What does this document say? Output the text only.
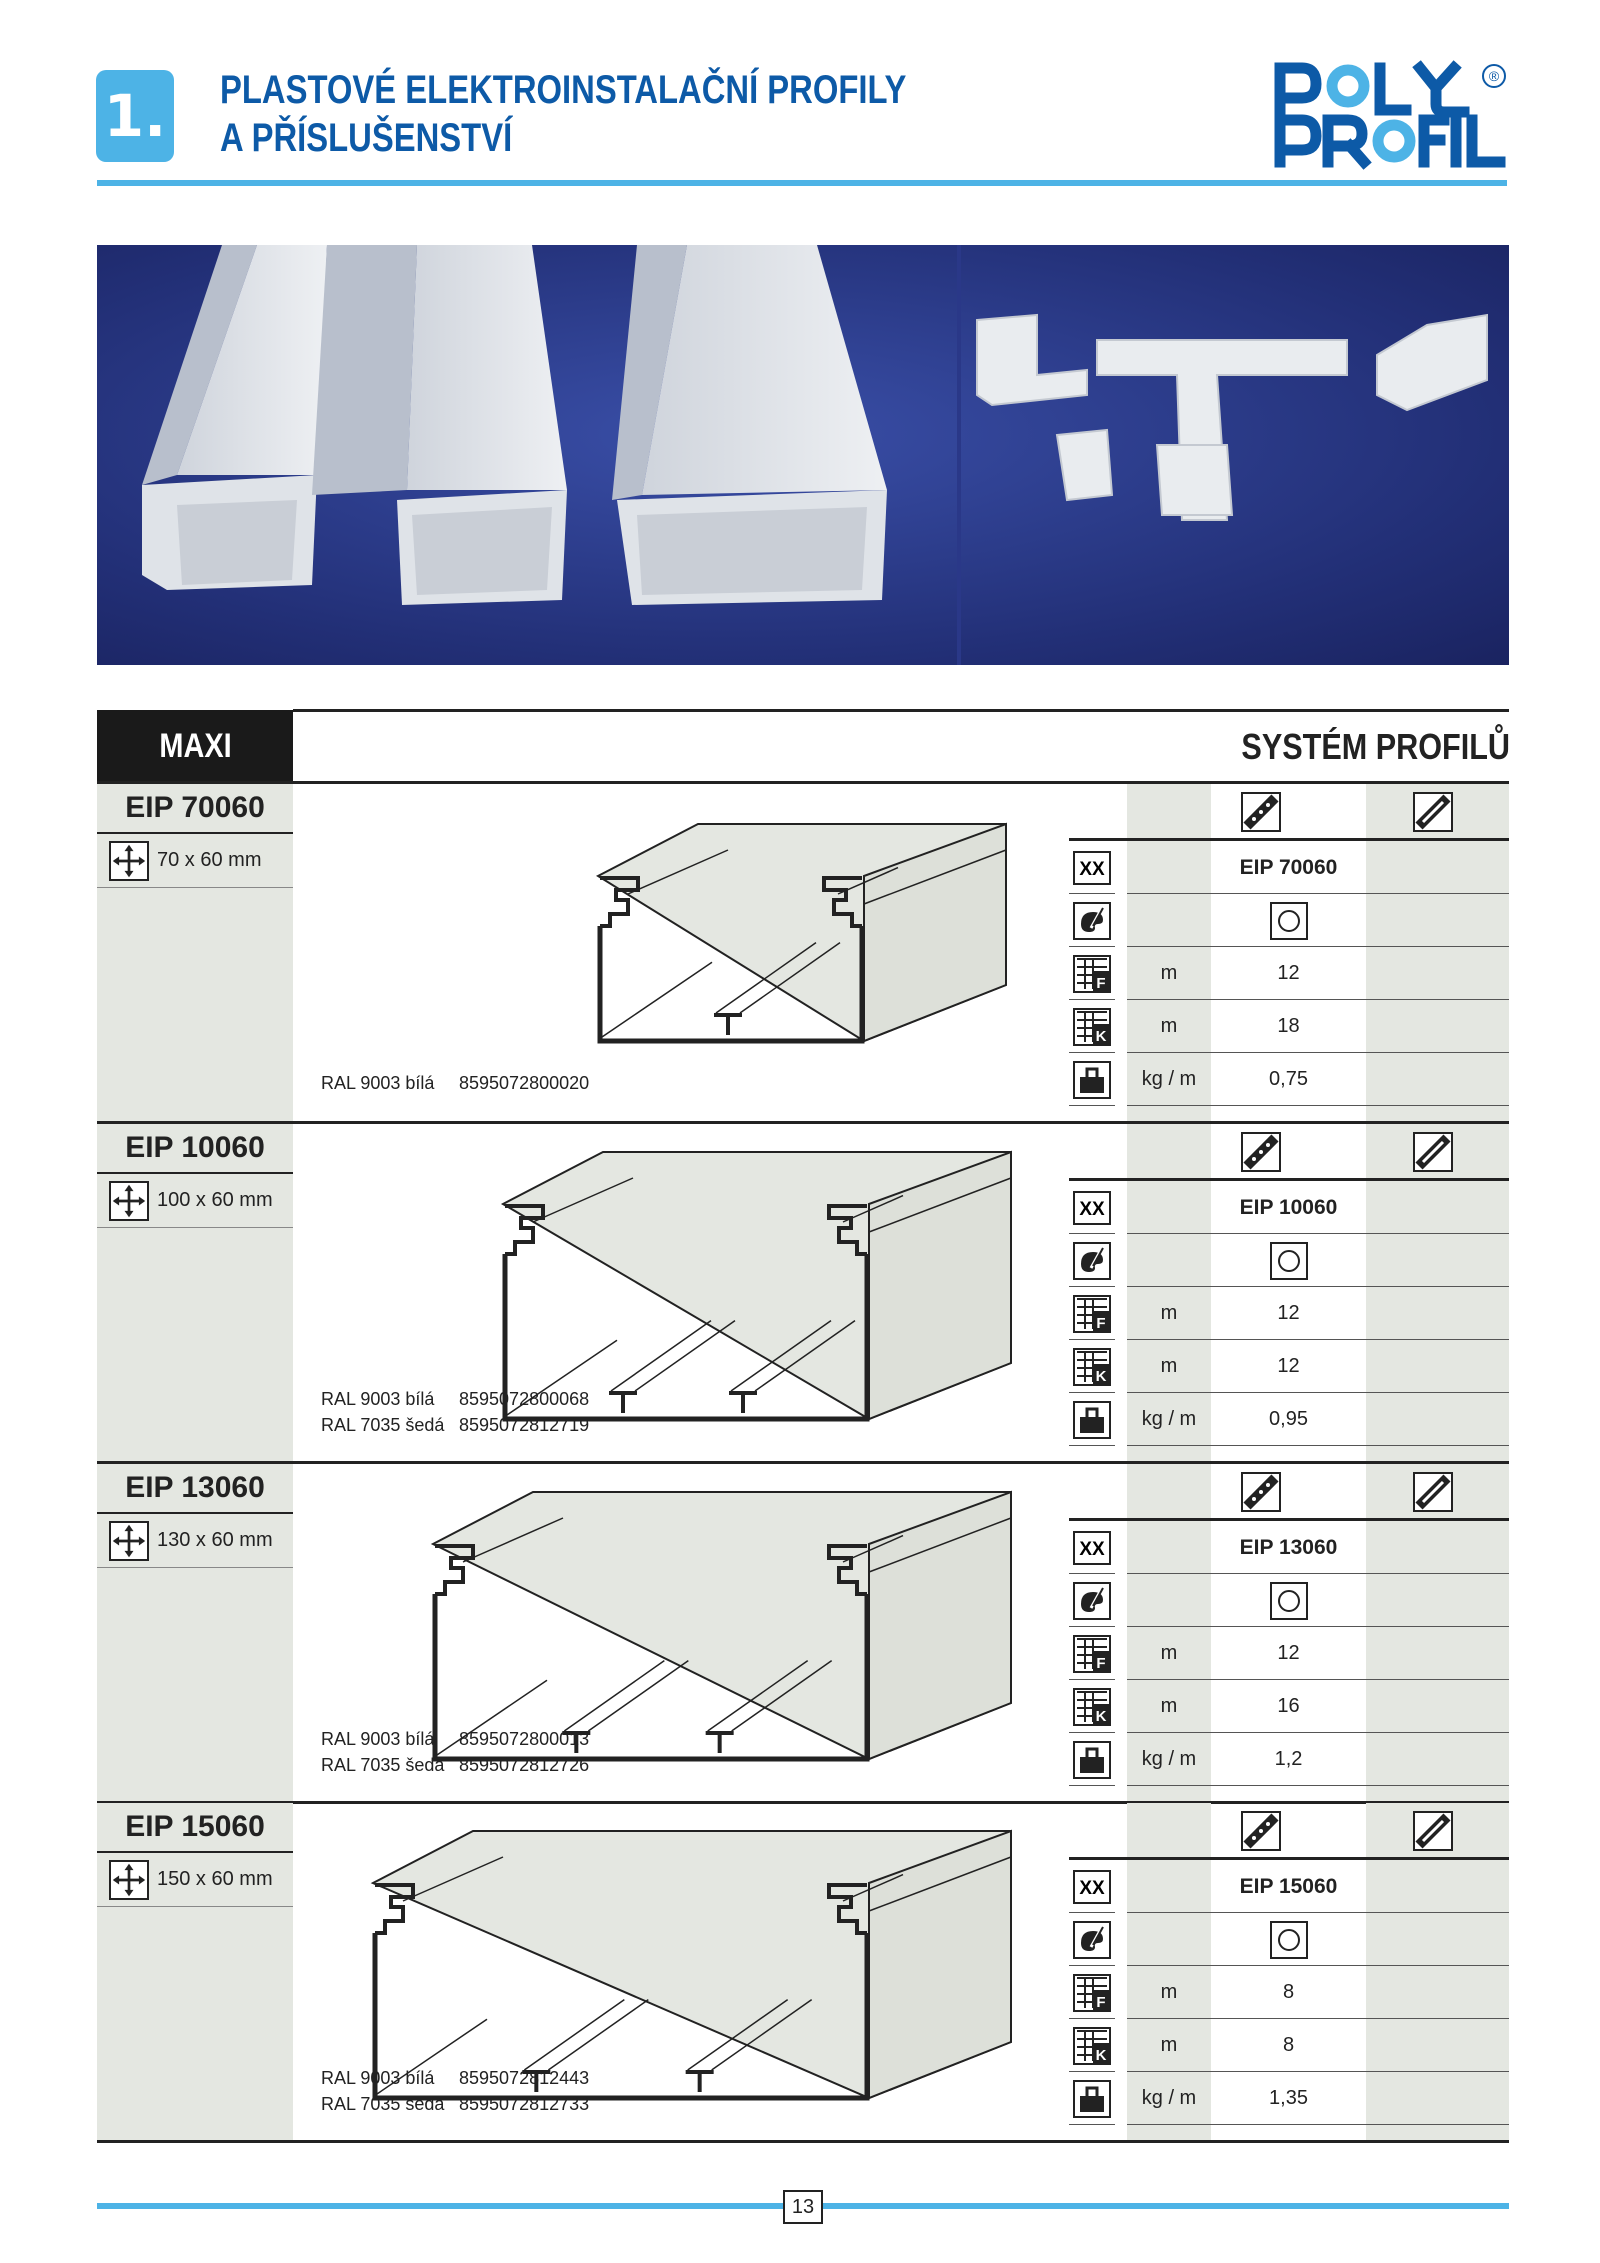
1. PLASTOVÉ ELEKTROINSTALAČNÍ PROFILY
A PŘÍSLUŠENSTVÍ
®
MAXI	SYSTÉM PROFILŮ
EIP 70060
70 x 60 mm
RAL 9003 bílá 8595072800020
XX	EIP 70060
F	m	12
K	m	18
kg / m	0,75
EIP 10060
100 x 60 mm
RAL 9003 bílá 8595072800068
RAL 7035 šedá 8595072812719
XX	EIP 10060
F	m	12
K	m	12
kg / m	0,95
EIP 13060
130 x 60 mm
RAL 9003 bílá 8595072800013
RAL 7035 šedá 8595072812726
XX	EIP 13060
F	m	12
K	m	16
kg / m	1,2
EIP 15060
150 x 60 mm
RAL 9003 bílá 8595072812443
RAL 7035 šedá 8595072812733
XX	EIP 15060
F	m	8
K	m	8
kg / m	1,35
13
